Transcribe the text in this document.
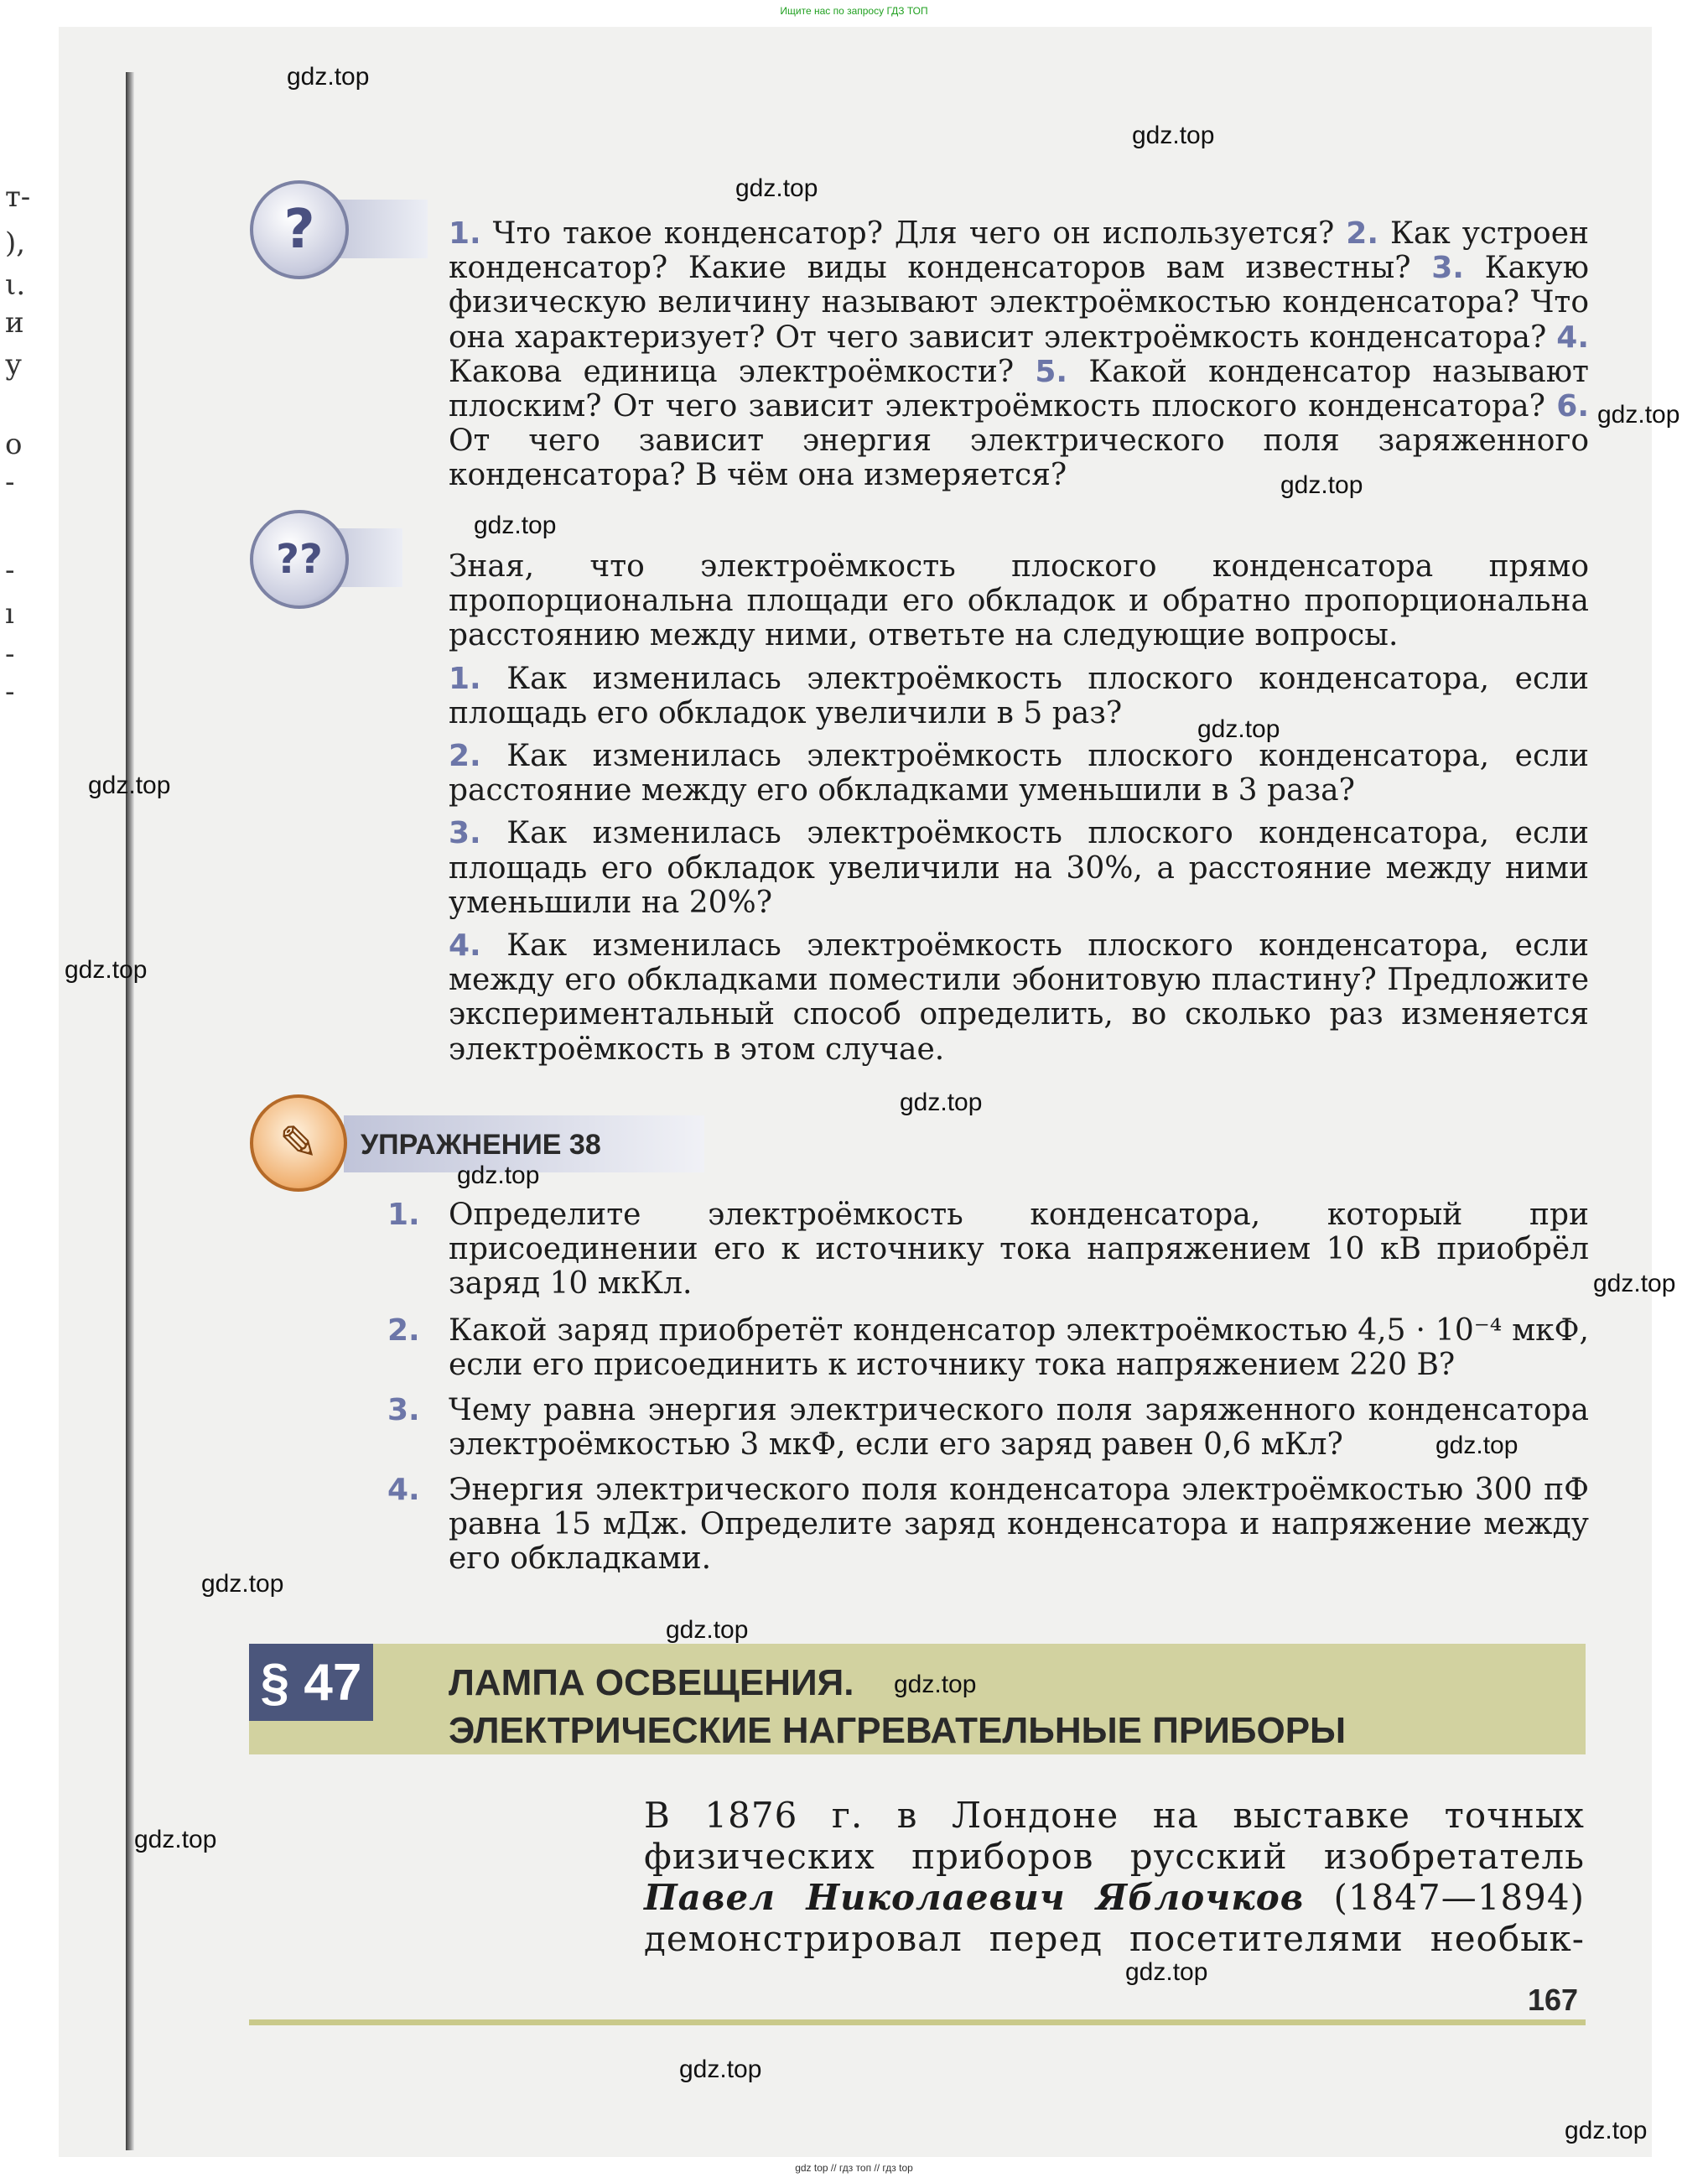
Ищите нас по запросу ГДЗ ТОП
т-
),
ι.
и
у
о
-
-
ı
-
-
?	1. Что такое конденсатор? Для чего он используется? 2. Как устроен конденсатор? Какие виды конденсаторов вам известны? 3. Какую физическую величину называют электроёмкостью конденсатора? Что она характеризует? От чего зависит электроёмкость конденсатора? 4. Какова единица электроёмкости? 5. Какой конденсатор называют плоским? От чего зависит электроёмкость плоского конденсатора? 6. От чего зависит энергия электрического поля заряженного конденсатора? В чём она измеряется?

??	Зная, что электроёмкость плоского конденсатора прямо пропорциональна площади его обкладок и обратно пропорциональна расстоянию между ними, ответьте на следующие вопросы.

1. Как изменилась электроёмкость плоского конденсатора, если площадь его обкладок увеличили в 5 раз?

2. Как изменилась электроёмкость плоского конденсатора, если расстояние между его обкладками уменьшили в 3 раза?

3. Как изменилась электроёмкость плоского конденсатора, если площадь его обкладок увеличили на 30%, а расстояние между ними уменьшили на 20%?

4. Как изменилась электроёмкость плоского конденсатора, если между его обкладками поместили эбонитовую пластину? Предложите экспериментальный способ определить, во сколько раз изменяется электроёмкость в этом случае.

✎	УПРАЖНЕНИЕ 38
1. Определите электроёмкость конденсатора, который при присоединении его к источнику тока напряжением 10 кВ приобрёл заряд 10 мкКл.
2. Какой заряд приобретёт конденсатор электроёмкостью 4,5 · 10⁻⁴ мкФ, если его присоединить к источнику тока напряжением 220 В?
3. Чему равна энергия электрического поля заряженного конденсатора электроёмкостью 3 мкФ, если его заряд равен 0,6 мКл?
4. Энергия электрического поля конденсатора электроёмкостью 300 пФ равна 15 мДж. Определите заряд конденсатора и напряжение между его обкладками.
§ 47	ЛАМПА ОСВЕЩЕНИЯ.

ЭЛЕКТРИЧЕСКИЕ НАГРЕВАТЕЛЬНЫЕ ПРИБОРЫ

В 1876 г. в Лондоне на выставке точных

физических приборов русский изобретатель

Павел Николаевич Яблочков (1847—1894)

демонстрировал перед посетителями необык-

167
gdz.top
gdz.top
gdz.top
gdz.top
gdz.top
gdz.top
gdz.top
gdz.top
gdz.top
gdz.top
gdz.top
gdz.top
gdz.top
gdz.top
gdz.top
gdz.top
gdz.top
gdz.top
gdz.top
gdz.top
gdz top // гдз топ // гдз top
